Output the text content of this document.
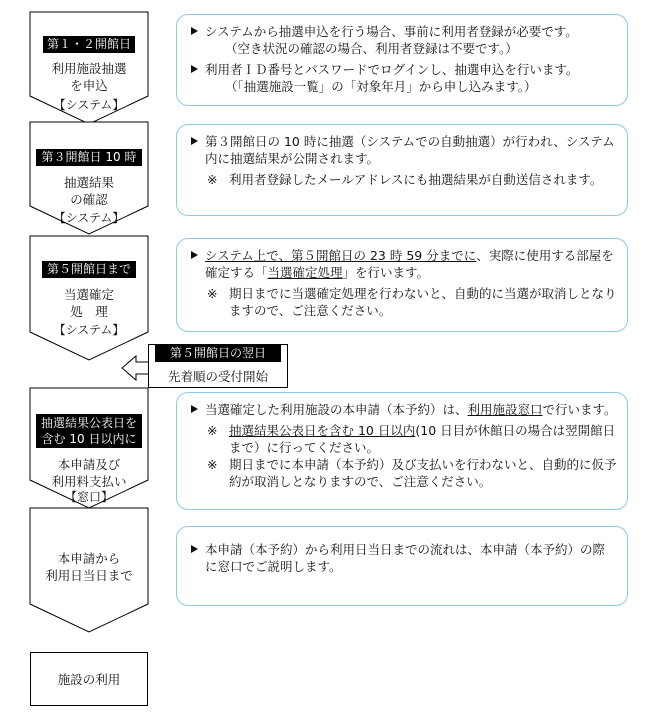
第１・２開館日
利用施設抽選
を申込
【システム】
第３開館日 10 時
抽選結果
の確認
【システム】
第５開館日まで
当選確定
処　理
【システム】
第５開館日の翌日
先着順の受付開始
抽選結果公表日を
含む 10 日以内に
本申請及び
利用料支払い
【窓口】
本申請から
利用日当日まで
施設の利用
システムから抽選申込を行う場合、事前に利用者登録が必要です。
（空き状況の確認の場合、利用者登録は不要です。）
利用者ＩＤ番号とパスワードでログインし、抽選申込を行います。
（「抽選施設一覧」の「対象年月」から申し込みます。）
第３開館日の 10 時に抽選（システムでの自動抽選）が行われ、システム内に抽選結果が公開されます。
※ 利用者登録したメールアドレスにも抽選結果が自動送信されます。
システム上で、第５開館日の 23 時 59 分までに、実際に使用する部屋を確定する「当選確定処理」を行います。
※ 期日までに当選確定処理を行わないと、自動的に当選が取消しとなりますので、ご注意ください。
当選確定した利用施設の本申請（本予約）は、利用施設窓口で行います。
※ 抽選結果公表日を含む 10 日以内(10 日目が休館日の場合は翌開館日まで）に行ってください。
※ 期日までに本申請（本予約）及び支払いを行わないと、自動的に仮予約が取消しとなりますので、ご注意ください。
本申請（本予約）から利用日当日までの流れは、本申請（本予約）の際に窓口でご説明します。
